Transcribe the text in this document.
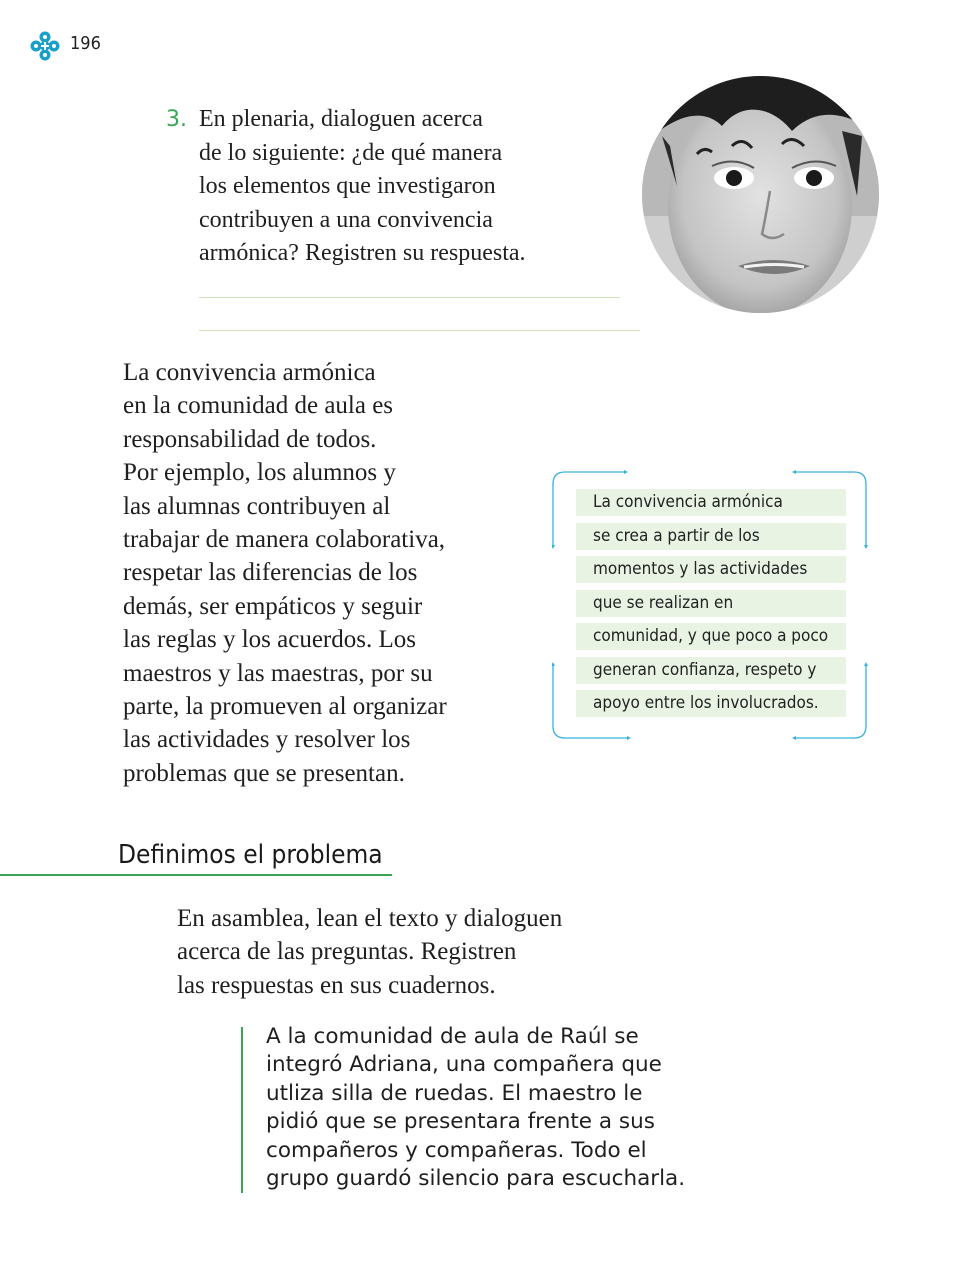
196
3. En plenaria, dialoguen acerca
de lo siguiente: ¿de qué manera
los elementos que investigaron
contribuyen a una convivencia
armónica? Registren su respuesta.
La convivencia armónica
en la comunidad de aula es
responsabilidad de todos.
Por ejemplo, los alumnos y
las alumnas contribuyen al
trabajar de manera colaborativa,
respetar las diferencias de los
demás, ser empáticos y seguir
las reglas y los acuerdos. Los
maestros y las maestras, por su
parte, la promueven al organizar
las actividades y resolver los
problemas que se presentan.
La convivencia armónica
se crea a partir de los
momentos y las actividades
que se realizan en
comunidad, y que poco a poco
generan confianza, respeto y
apoyo entre los involucrados.
Definimos el problema
En asamblea, lean el texto y dialoguen
acerca de las preguntas. Registren
las respuestas en sus cuadernos.
A la comunidad de aula de Raúl se
integró Adriana, una compañera que
utliza silla de ruedas. El maestro le
pidió que se presentara frente a sus
compañeros y compañeras. Todo el
grupo guardó silencio para escucharla.
